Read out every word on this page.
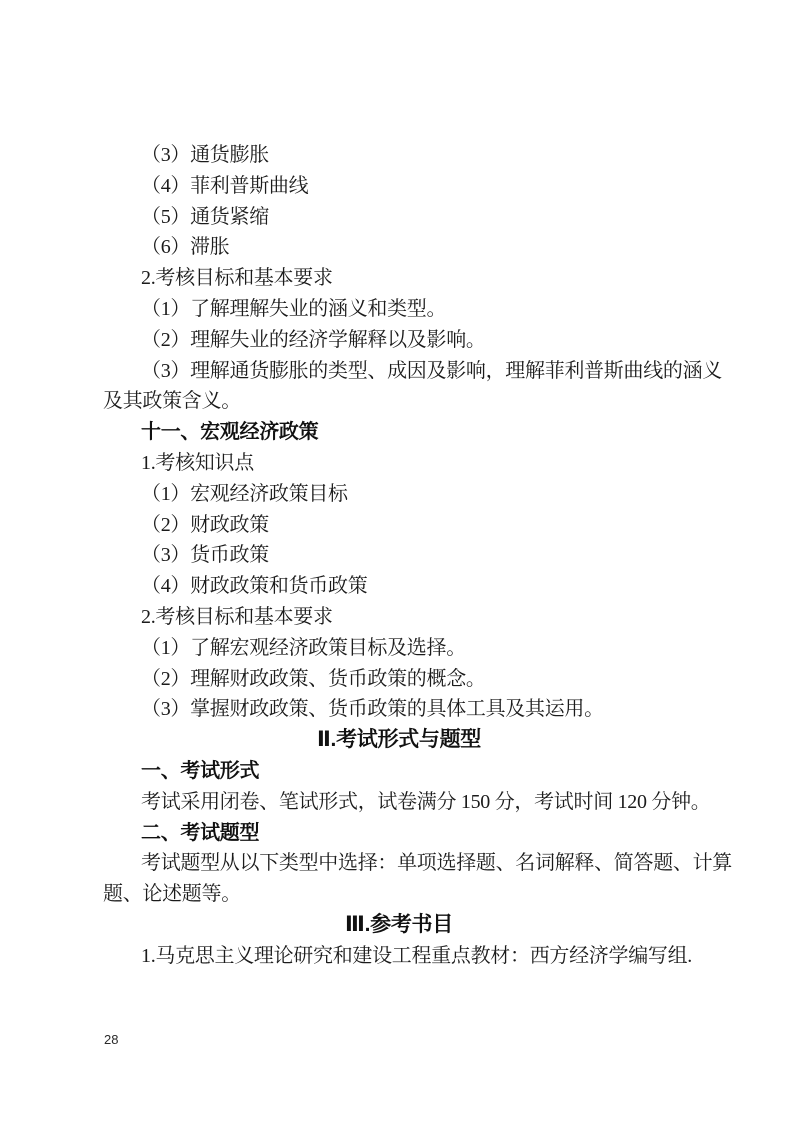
（3）通货膨胀
（4）菲利普斯曲线
（5）通货紧缩
（6）滞胀
2.考核目标和基本要求
（1）了解理解失业的涵义和类型。
（2）理解失业的经济学解释以及影响。
（3）理解通货膨胀的类型、成因及影响，理解菲利普斯曲线的涵义
及其政策含义。
十一、宏观经济政策
1.考核知识点
（1）宏观经济政策目标
（2）财政政策
（3）货币政策
（4）财政政策和货币政策
2.考核目标和基本要求
（1）了解宏观经济政策目标及选择。
（2）理解财政政策、货币政策的概念。
（3）掌握财政政策、货币政策的具体工具及其运用。
Ⅱ.考试形式与题型
一、考试形式
考试采用闭卷、笔试形式，试卷满分 150 分，考试时间 120 分钟。
二、考试题型
考试题型从以下类型中选择：单项选择题、名词解释、简答题、计算
题、论述题等。
Ⅲ.参考书目
1.马克思主义理论研究和建设工程重点教材：西方经济学编写组.
28
